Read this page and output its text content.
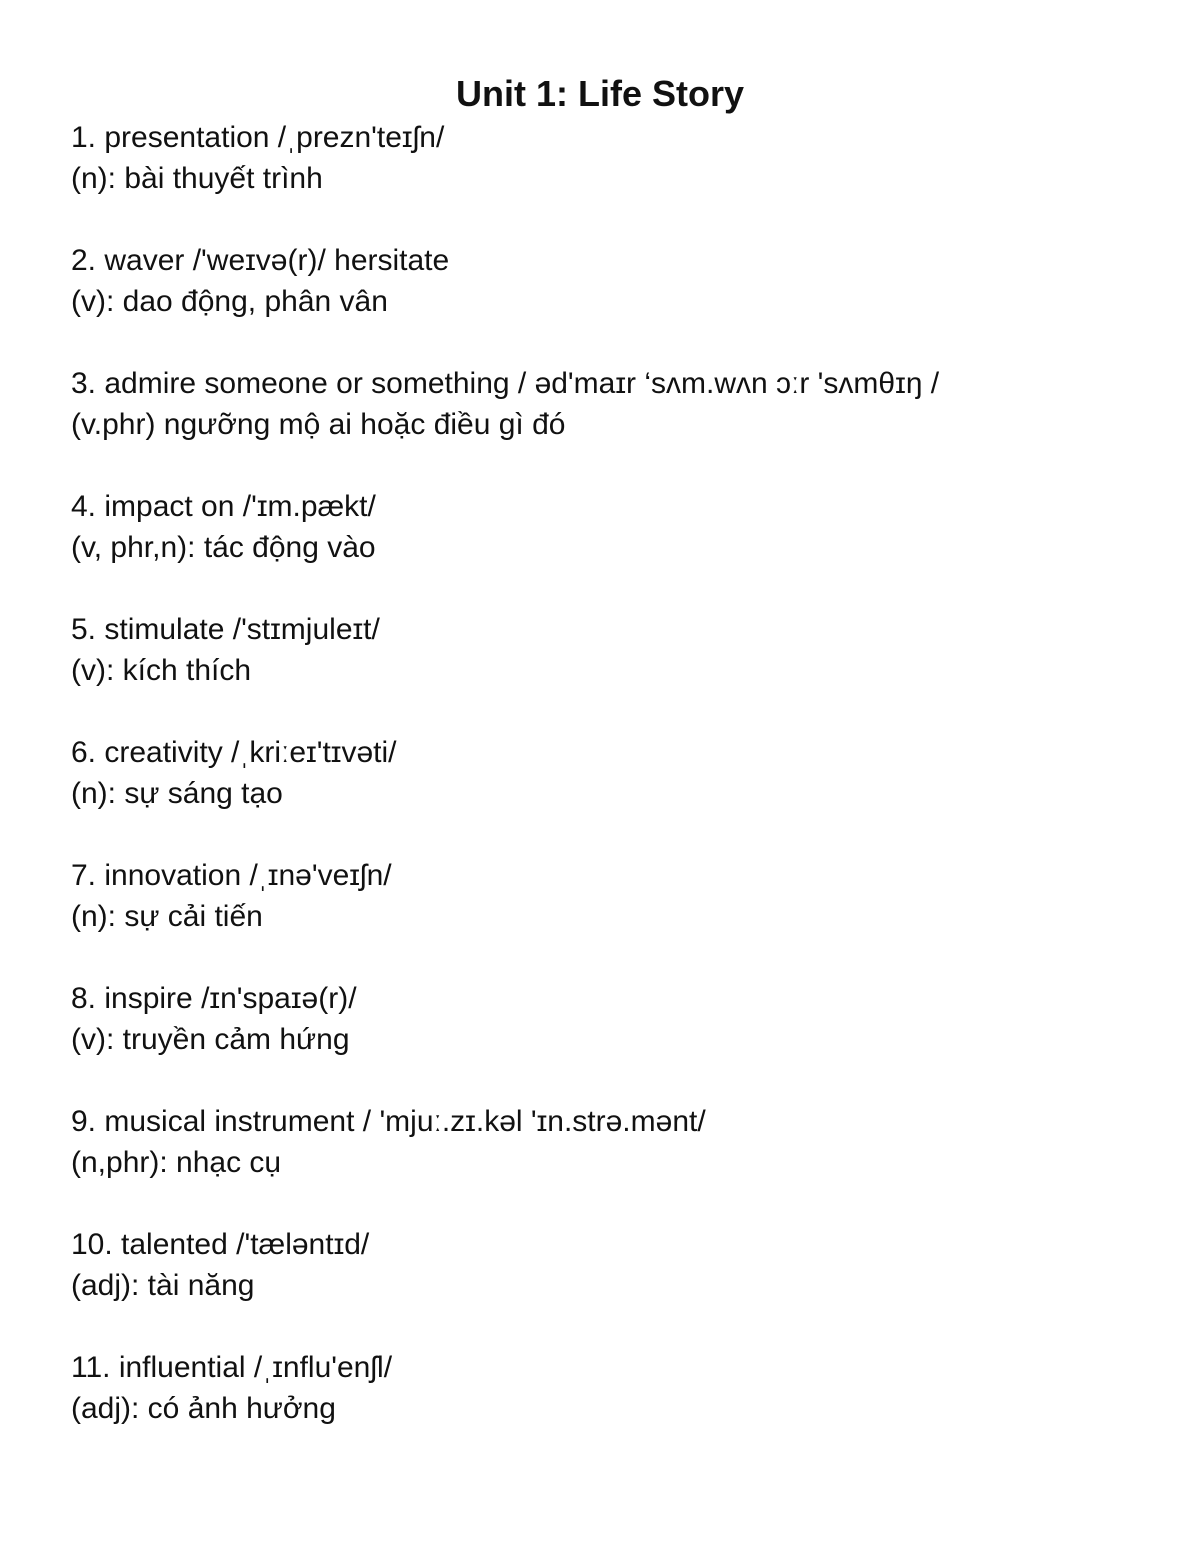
Unit 1: Life Story
1. presentation /ˌprezn'teɪʃn/
(n): bài thuyết trình
2. waver /'weɪvə(r)/ hersitate
(v): dao động, phân vân
3. admire someone or something / əd'maɪr ‘sʌm.wʌn ɔːr 'sʌmθɪŋ /
(v.phr) ngưỡng mộ ai hoặc điều gì đó
4. impact on /'ɪm.pækt/
(v, phr,n): tác động vào
5. stimulate /'stɪmjuleɪt/
(v): kích thích
6. creativity /ˌkriːeɪ'tɪvəti/
(n): sự sáng tạo
7. innovation /ˌɪnə'veɪʃn/
(n): sự cải tiến
8. inspire /ɪn'spaɪə(r)/
(v): truyền cảm hứng
9. musical instrument / 'mjuː.zɪ.kəl 'ɪn.strə.mənt/
(n,phr): nhạc cụ
10. talented /'tæləntɪd/
(adj): tài năng
11. influential /ˌɪnflu'enʃl/
(adj): có ảnh hưởng
